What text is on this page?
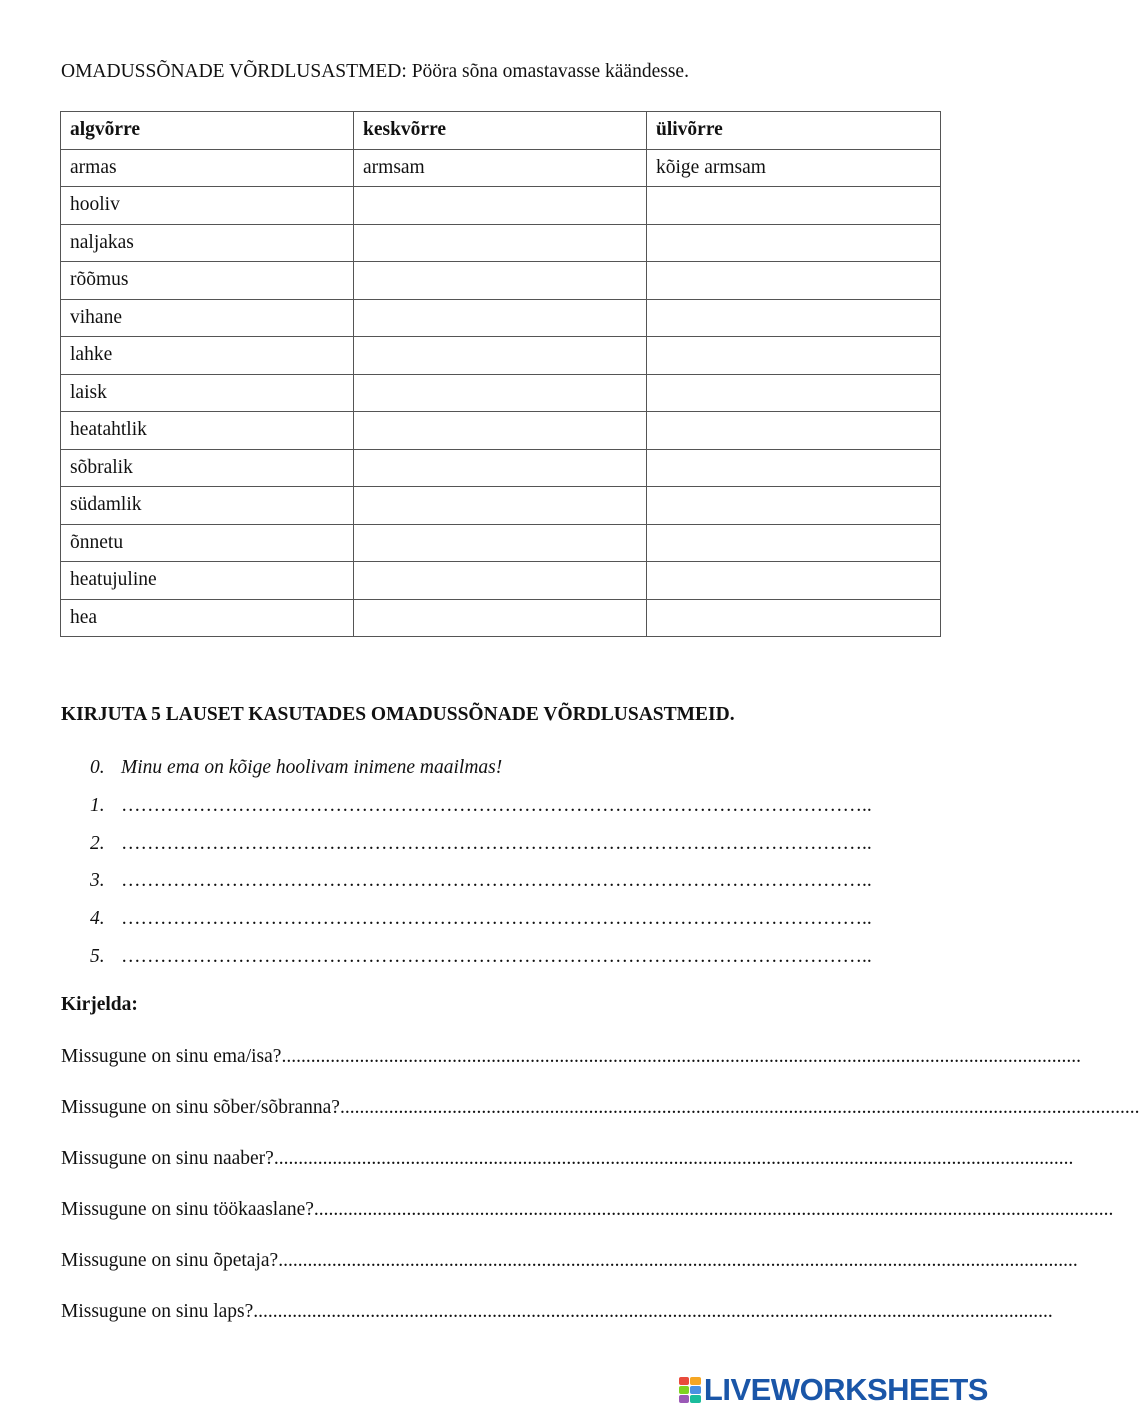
OMADUSSÕNADE VÕRDLUSASTMED: Pööra sõna omastavasse käändesse.
algvõrre	keskvõrre	ülivõrre
armas	armsam	kõige armsam
hooliv		
naljakas		
rõõmus		
vihane		
lahke		
laisk		
heatahtlik		
sõbralik		
südamlik		
õnnetu		
heatujuline		
hea		
KIRJUTA 5 LAUSET KASUTADES OMADUSSÕNADE VÕRDLUSASTMEID.
0. Minu ema on kõige hoolivam inimene maailmas!
1. ……………………………………………………………………………………………………..
2. ……………………………………………………………………………………………………..
3. ……………………………………………………………………………………………………..
4. ……………………………………………………………………………………………………..
5. ……………………………………………………………………………………………………..
Kirjelda:
Missugune on sinu ema/isa?....................................................................................................................................................................
Missugune on sinu sõber/sõbranna?....................................................................................................................................................................
Missugune on sinu naaber?....................................................................................................................................................................
Missugune on sinu töökaaslane?....................................................................................................................................................................
Missugune on sinu õpetaja?....................................................................................................................................................................
Missugune on sinu laps?....................................................................................................................................................................
LIVEWORKSHEETS
